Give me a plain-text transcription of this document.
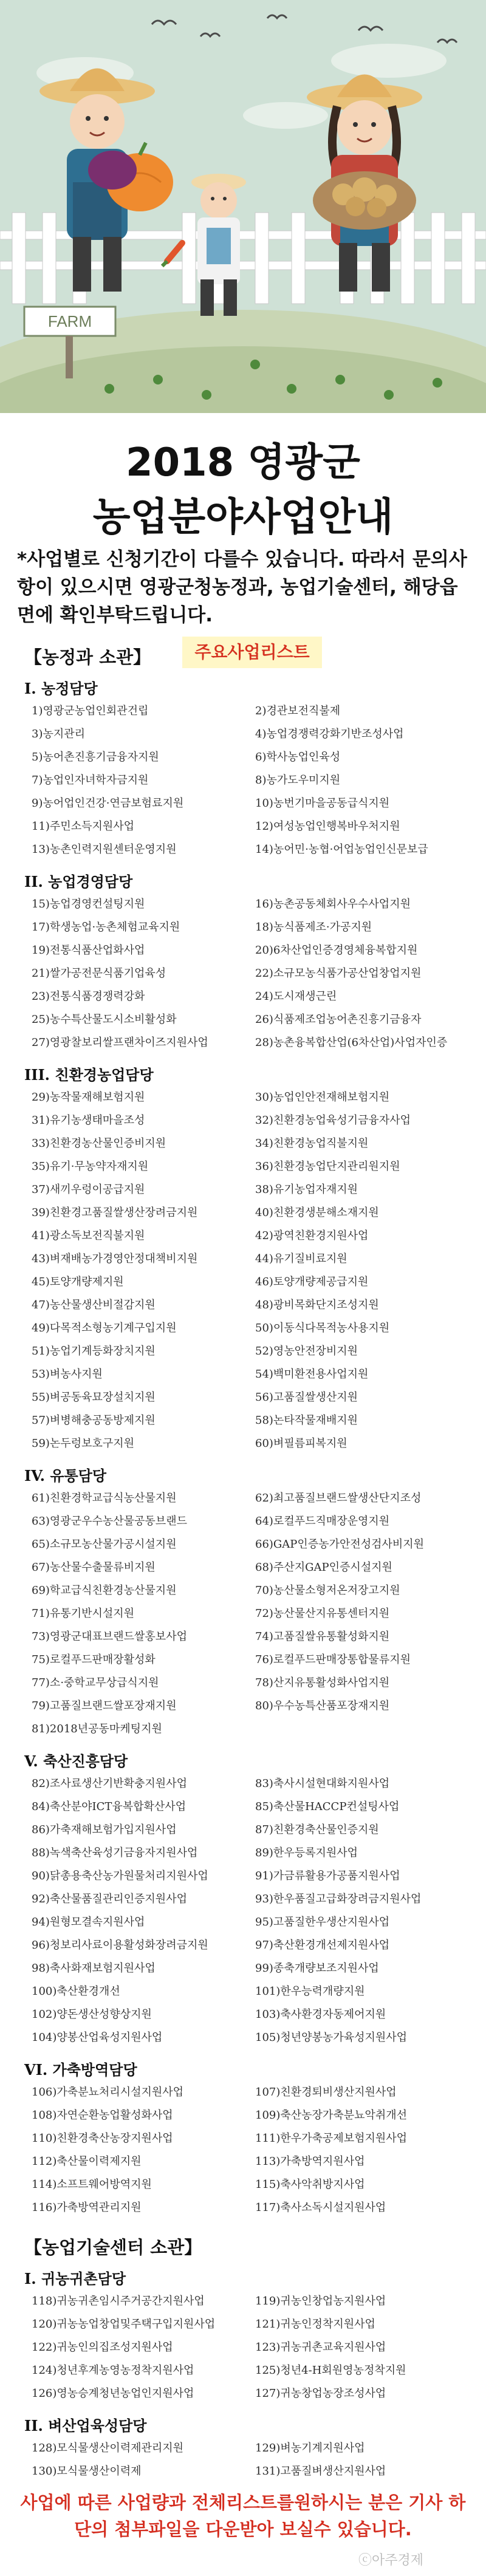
FARM
2018 영광군
농업분야사업안내
*사업별로 신청기간이 다를수 있습니다. 따라서 문의사항이 있으시면 영광군청농정과, 농업기술센터, 해당읍면에 확인부탁드립니다.
【농정과 소관】	주요사업리스트
I. 농정담당
1)영광군농업인회관건립	2)경관보전직불제
3)농지관리	4)농업경쟁력강화기반조성사업
5)농어촌진흥기금융자지원	6)학사농업인육성
7)농업인자녀학자금지원	8)농가도우미지원
9)농어업인건강·연금보험료지원	10)농번기마을공동급식지원
11)주민소득지원사업	12)여성농업인행복바우처지원
13)농촌인력지원센터운영지원	14)농어민·농협·어업농업인신문보급
II. 농업경영담당
15)농업경영컨설팅지원	16)농촌공동체회사우수사업지원
17)학생농업·농촌체험교육지원	18)농식품제조·가공지원
19)전통식품산업화사업	20)6차산업인증경영체융복합지원
21)쌀가공전문식품기업육성	22)소규모농식품가공산업창업지원
23)전통식품경쟁력강화	24)도시재생근린
25)농수특산물도시소비활성화	26)식품제조업농어촌진흥기금융자
27)영광찰보리쌀프랜차이즈지원사업	28)농촌융복합산업(6차산업)사업자인증
III. 친환경농업담당
29)농작물재해보험지원	30)농업인안전재해보험지원
31)유기농생태마을조성	32)친환경농업육성기금융자사업
33)친환경농산물인증비지원	34)친환경농업직불지원
35)유기·무농약자재지원	36)친환경농업단지관리원지원
37)새끼우렁이공급지원	38)유기농업자재지원
39)친환경고품질쌀생산장려금지원	40)친환경생분해소재지원
41)광소독보전직불지원	42)광역친환경지원사업
43)벼재배농가경영안정대책비지원	44)유기질비료지원
45)토양개량제지원	46)토양개량제공급지원
47)농산물생산비절감지원	48)광비목화단지조성지원
49)다목적소형농기계구입지원	50)이동식다목적농사용지원
51)농업기계등화장치지원	52)영농안전장비지원
53)벼농사지원	54)백미환전용사업지원
55)벼공동육묘장설치지원	56)고품질쌀생산지원
57)벼병해충공동방제지원	58)논타작물재배지원
59)논두렁보호구지원	60)벼필름피복지원
IV. 유통담당
61)친환경학교급식농산물지원	62)최고품질브랜드쌀생산단지조성
63)영광군우수농산물공동브랜드	64)로컬푸드직매장운영지원
65)소규모농산물가공시설지원	66)GAP인증농가안전성검사비지원
67)농산물수출물류비지원	68)주산지GAP인증시설지원
69)학교급식친환경농산물지원	70)농산물소형저온저장고지원
71)유통기반시설지원	72)농산물산지유통센터지원
73)영광군대표브랜드쌀홍보사업	74)고품질쌀유통활성화지원
75)로컬푸드판매장활성화	76)로컬푸드판매장통합물류지원
77)소·중학교무상급식지원	78)산지유통활성화사업지원
79)고품질브랜드쌀포장재지원	80)우수농특산품포장재지원
81)2018년공동마케팅지원
V. 축산진흥담당
82)조사료생산기반확충지원사업	83)축사시설현대화지원사업
84)축산분야ICT융복합확산사업	85)축산물HACCP컨설팅사업
86)가축재해보험가입지원사업	87)친환경축산물인증지원
88)녹색축산육성기금융자지원사업	89)한우등록지원사업
90)닭총용축산농가원물처리지원사업	91)가금류활용가공품지원사업
92)축산물품질관리인증지원사업	93)한우품질고급화장려금지원사업
94)원형모결속지원사업	95)고품질한우생산지원사업
96)청보리사료이용활성화장려금지원	97)축산환경개선제지원사업
98)축사화재보험지원사업	99)종축개량보조지원사업
100)축산환경개선	101)한우능력개량지원
102)양돈생산성향상지원	103)축사환경자동제어지원
104)양봉산업육성지원사업	105)청년양봉농가육성지원사업
VI. 가축방역담당
106)가축분뇨처리시설지원사업	107)친환경퇴비생산지원사업
108)자연순환농업활성화사업	109)축산농장가축분뇨악취개선
110)친환경축산농장지원사업	111)한우가축공제보험지원사업
112)축산물이력제지원	113)가축방역지원사업
114)소프트웨어방역지원	115)축사악취방지사업
116)가축방역관리지원	117)축사소독시설지원사업
【농업기술센터 소관】
I. 귀농귀촌담당
118)귀농귀촌임시주거공간지원사업	119)귀농인창업농지원사업
120)귀농농업창업및주택구입지원사업	121)귀농인정착지원사업
122)귀농인의집조성지원사업	123)귀농귀촌교육지원사업
124)청년후계농영농정착지원사업	125)청년4-H회원영농정착지원
126)영농승계청년농업인지원사업	127)귀농창업농장조성사업
II. 벼산업육성담당
128)모식물생산이력제관리지원	129)벼농기계지원사업
130)모식물생산이력제	131)고품질벼생산지원사업
사업에 따른 사업량과 전체리스트를원하시는 분은 기사 하단의 첨부파일을 다운받아 보실수 있습니다.
ⓒ아주경제
